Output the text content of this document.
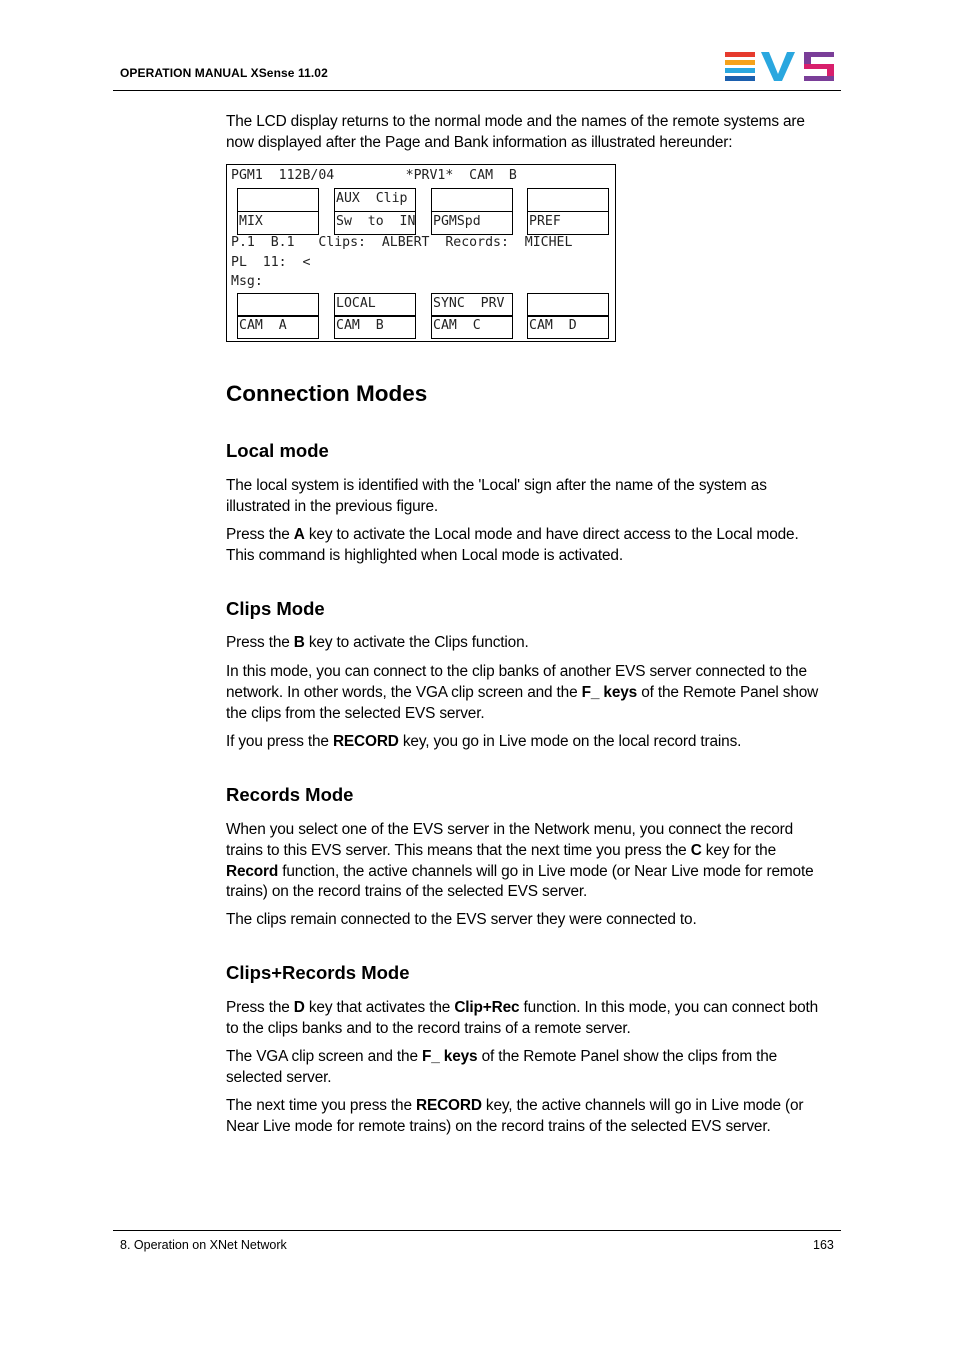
OPERATION MANUAL XSense 11.02

The LCD display returns to the normal mode and the names of the remote systems are

now displayed after the Page and Bank information as illustrated hereunder:

PGM1  112B/04         *PRV1*  CAM  B
AUX  Clip
MIX	Sw  to  IN PGMSpd	PREF
P.1  B.1   Clips:  ALBERT  Records:  MICHEL
PL  11:  <
Msg:
LOCAL	SYNC  PRV
CAM  A	CAM  B	CAM  C	CAM  D
Connection Modes
Local mode

The local system is identified with the 'Local' sign after the name of the system as

illustrated in the previous figure.

Press the A key to activate the Local mode and have direct access to the Local mode.

This command is highlighted when Local mode is activated.

Clips Mode

Press the B key to activate the Clips function.

In this mode, you can connect to the clip banks of another EVS server connected to the

network. In other words, the VGA clip screen and the F_ keys of the Remote Panel show

the clips from the selected EVS server.

If you press the RECORD key, you go in Live mode on the local record trains.

Records Mode

When you select one of the EVS server in the Network menu, you connect the record

trains to this EVS server. This means that the next time you press the C key for the

Record function, the active channels will go in Live mode (or Near Live mode for remote

trains) on the record trains of the selected EVS server.

The clips remain connected to the EVS server they were connected to.

Clips+Records Mode

Press the D key that activates the Clip+Rec function. In this mode, you can connect both

to the clips banks and to the record trains of a remote server.

The VGA clip screen and the F_ keys of the Remote Panel show the clips from the

selected server.

The next time you press the RECORD key, the active channels will go in Live mode (or

Near Live mode for remote trains) on the record trains of the selected EVS server.

8. Operation on XNet Network	163
